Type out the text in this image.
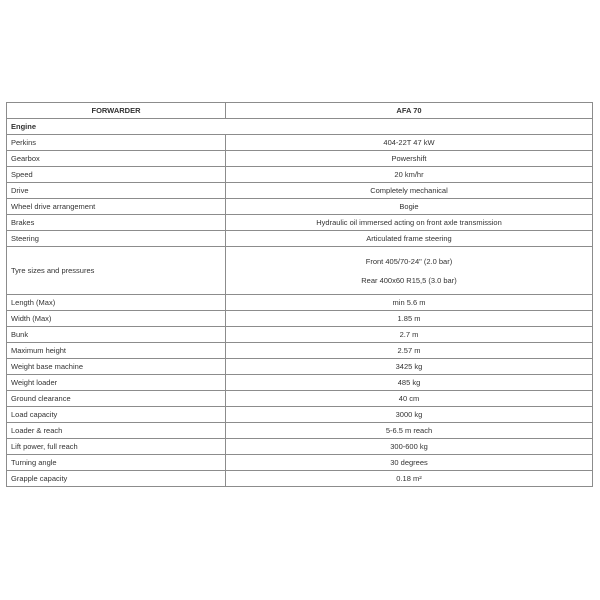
FORWARDER	AFA 70
Engine	
Perkins	404-22T 47 kW
Gearbox	Powershift
Speed	20 km/hr
Drive	Completely mechanical
Wheel drive arrangement	Bogie
Brakes	Hydraulic oil immersed acting on front axle transmission
Steering	Articulated frame steering
Tyre sizes and pressures	Front 405/70-24" (2.0 bar)
Rear 400x60 R15,5 (3.0 bar)

Length (Max)	min 5.6 m
Width (Max)	1.85 m
Bunk	2.7 m
Maximum height	2.57 m
Weight base machine	3425 kg
Weight loader	485 kg
Ground clearance	40 cm
Load capacity	3000 kg
Loader & reach	5-6.5 m reach
Lift power, full reach	300-600 kg
Turning angle	30 degrees
Grapple capacity	0.18 m²
